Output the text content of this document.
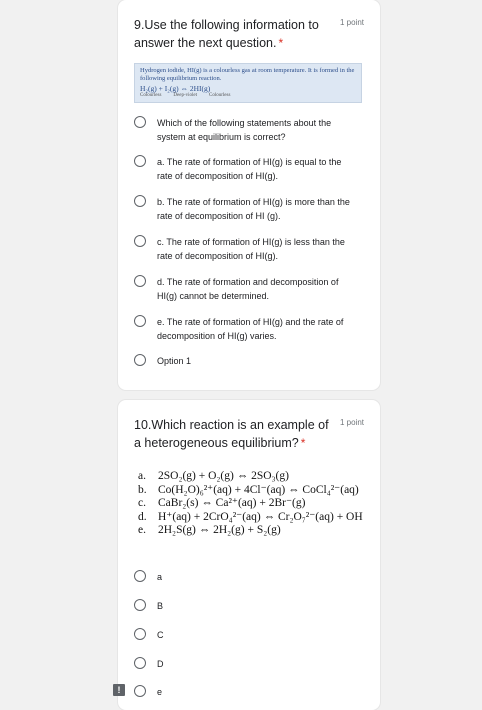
9.Use the following information to answer the next question. *
1 point
Hydrogen iodide, HI(g) is a colourless gas at room temperature. It is formed in the following equilibrium reaction.
H₂(g) + I₂(g) ⇔ 2HI(g)
Colourless Deep-violet Colourless
Which of the following statements about the system at equilibrium is correct?
a. The rate of formation of HI(g) is equal to the rate of decomposition of HI(g).
b. The rate of formation of HI(g) is more than the rate of decomposition of HI (g).
c. The rate of formation of HI(g) is less than the rate of decomposition of HI(g).
d. The rate of formation and decomposition of HI(g) cannot be determined.
e. The rate of formation of HI(g) and the rate of decomposition of HI(g) varies.
Option 1
10.Which reaction is an example of a heterogeneous equilibrium? *
1 point
a.	2SO₂(g) + O₂(g) ⇔ 2SO₃(g)
b. Co(H₂O)₆²⁺(aq) + 4Cl⁻(aq) ⇔ CoCl₄²⁻(aq)
c.	CaBr₂(s) ⇔ Ca²⁺(aq) + 2Br⁻(g)
d. H⁺(aq) + 2CrO₄²⁻(aq) ⇔ Cr₂O₇²⁻(aq) + OH
e.	2H₂S(g) ⇔ 2H₂(g) + S₂(g)
a
B
C
D
e
!
